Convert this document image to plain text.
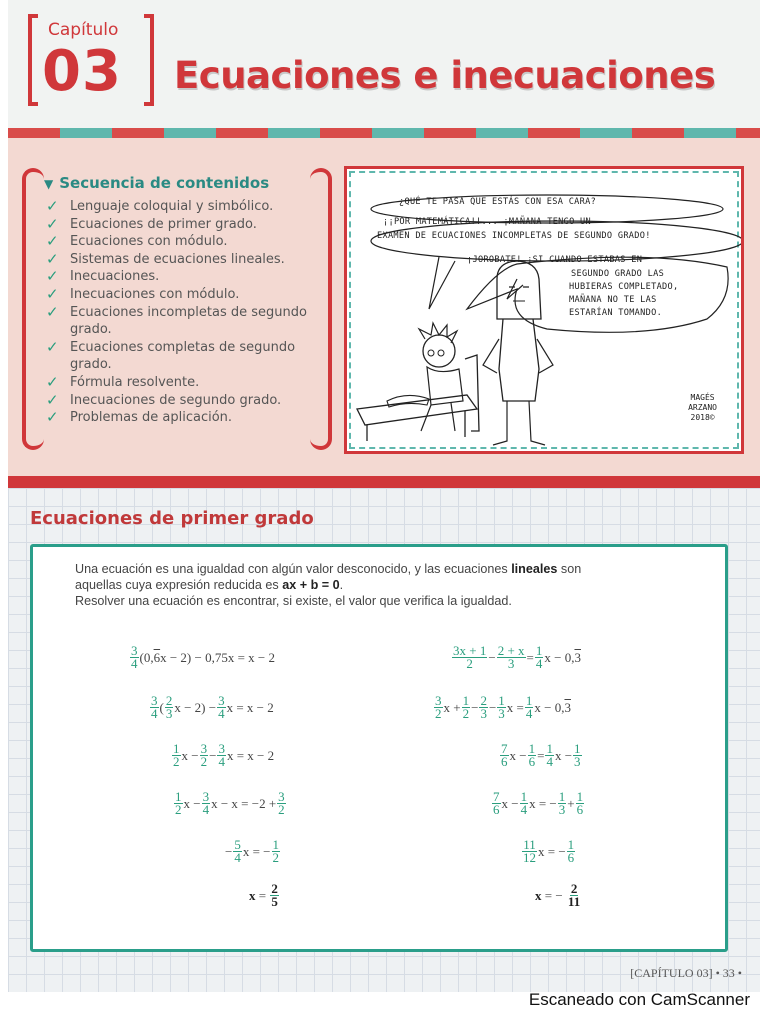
Capítulo
03 Ecuaciones e inecuaciones
▼ Secuencia de contenidos
✓ Lenguaje coloquial y simbólico.
✓ Ecuaciones de primer grado.
✓ Ecuaciones con módulo.
✓ Sistemas de ecuaciones lineales.
✓ Inecuaciones.
✓ Inecuaciones con módulo.
✓ Ecuaciones incompletas de segundo grado.
✓ Ecuaciones completas de segundo grado.
✓ Fórmula resolvente.
✓ Inecuaciones de segundo grado.
✓ Problemas de aplicación.
¿QUÉ TE PASA QUE ESTÁS CON ESA CARA?
¡¡POR MATEMÁTICA!!... ¡MAÑANA TENGO UN
EXAMEN DE ECUACIONES INCOMPLETAS DE SEGUNDO GRADO!
¡JOROBATE! ¡SI CUANDO ESTABAS EN
SEGUNDO GRADO LAS
HUBIERAS COMPLETADO,
MAÑANA NO TE LAS
ESTARÍAN TOMANDO.
MAGÉS
ARZANO
2018©
Ecuaciones de primer grado
Una ecuación es una igualdad con algún valor desconocido, y las ecuaciones lineales son
aquellas cuya expresión reducida es ax + b = 0.
Resolver una ecuación es encontrar, si existe, el valor que verifica la igualdad.
3
4 (0, 6 x − 2) − 0,75x = x − 2
3
4 ( 2
3 x − 2) − 3
4 x = x − 2
1
2 x − 3
2 − 3
4 x = x − 2
1
2 x − 3
4 x − x = −2 + 3
2
− 5
4 x = − 1
2
x = 2
5
3x + 1
2 − 2 + x
3 = 1
4 x − 0, 3
3
2 x + 1
2 − 2
3 − 1
3 x = 1
4 x − 0, 3
7
6 x − 1
6 = 1
4 x − 1
3
7
6 x − 1
4 x = − 1
3 + 1
6
11
12 x = − 1
6
x = − 2
11
[CAPÍTULO 03] • 33 •
Escaneado con CamScanner
